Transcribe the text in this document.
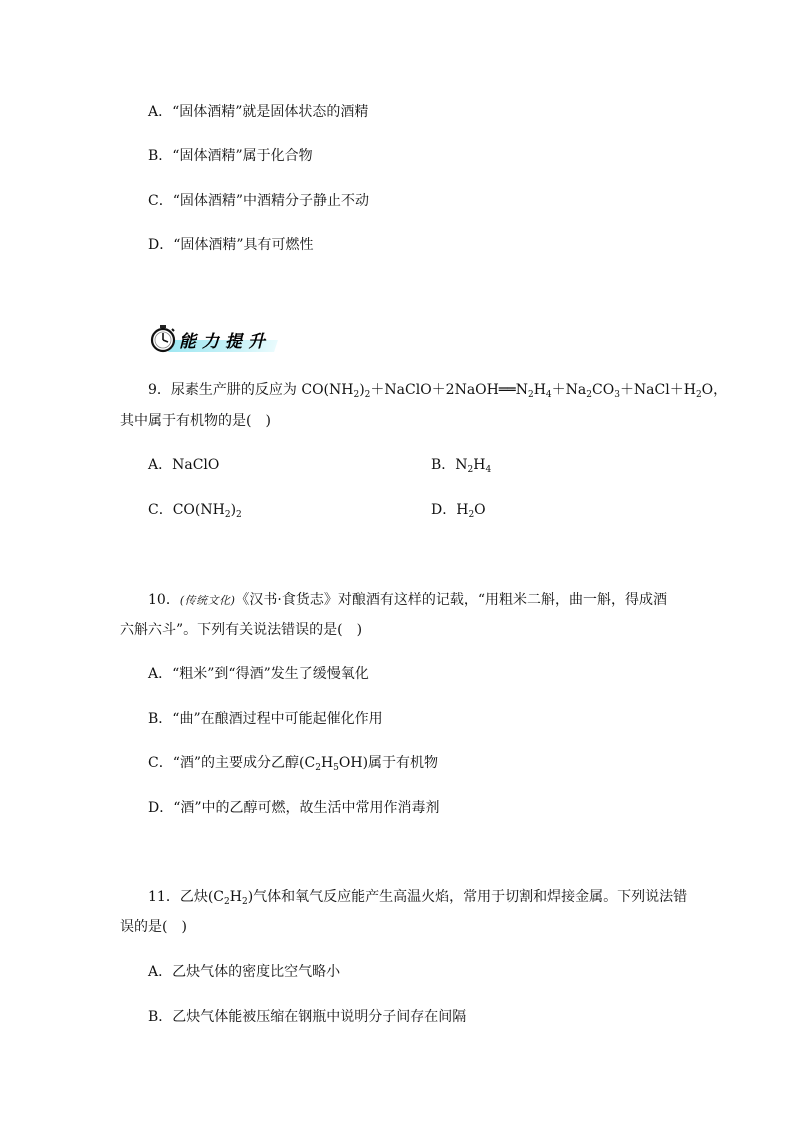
A．“固体酒精”就是固体状态的酒精
B．“固体酒精”属于化合物
C．“固体酒精”中酒精分子静止不动
D．“固体酒精”具有可燃性
能力提升
9．尿素生产肼的反应为 $CO(NH_2)_2+NaClO+2NaOH══N_2H_4+Na_2CO_3+NaCl+H_2O$，
其中属于有机物的是(　)
A．NaClO	B．$N_2H_4$
C．$CO(NH_2)_2$	D．$H_2O$
10．(传统文化)《汉书·食货志》对酿酒有这样的记载，“用粗米二斛，曲一斛，得成酒
六斛六斗”。下列有关说法错误的是(　)
A．“粗米”到“得酒”发生了缓慢氧化
B．“曲”在酿酒过程中可能起催化作用
C．“酒”的主要成分乙醇$(C_2H_5OH)$属于有机物
D．“酒”中的乙醇可燃，故生活中常用作消毒剂
11．乙炔$(C_2H_2)$气体和氧气反应能产生高温火焰，常用于切割和焊接金属。下列说法错
误的是(　)
A．乙炔气体的密度比空气略小
B．乙炔气体能被压缩在钢瓶中说明分子间存在间隔
